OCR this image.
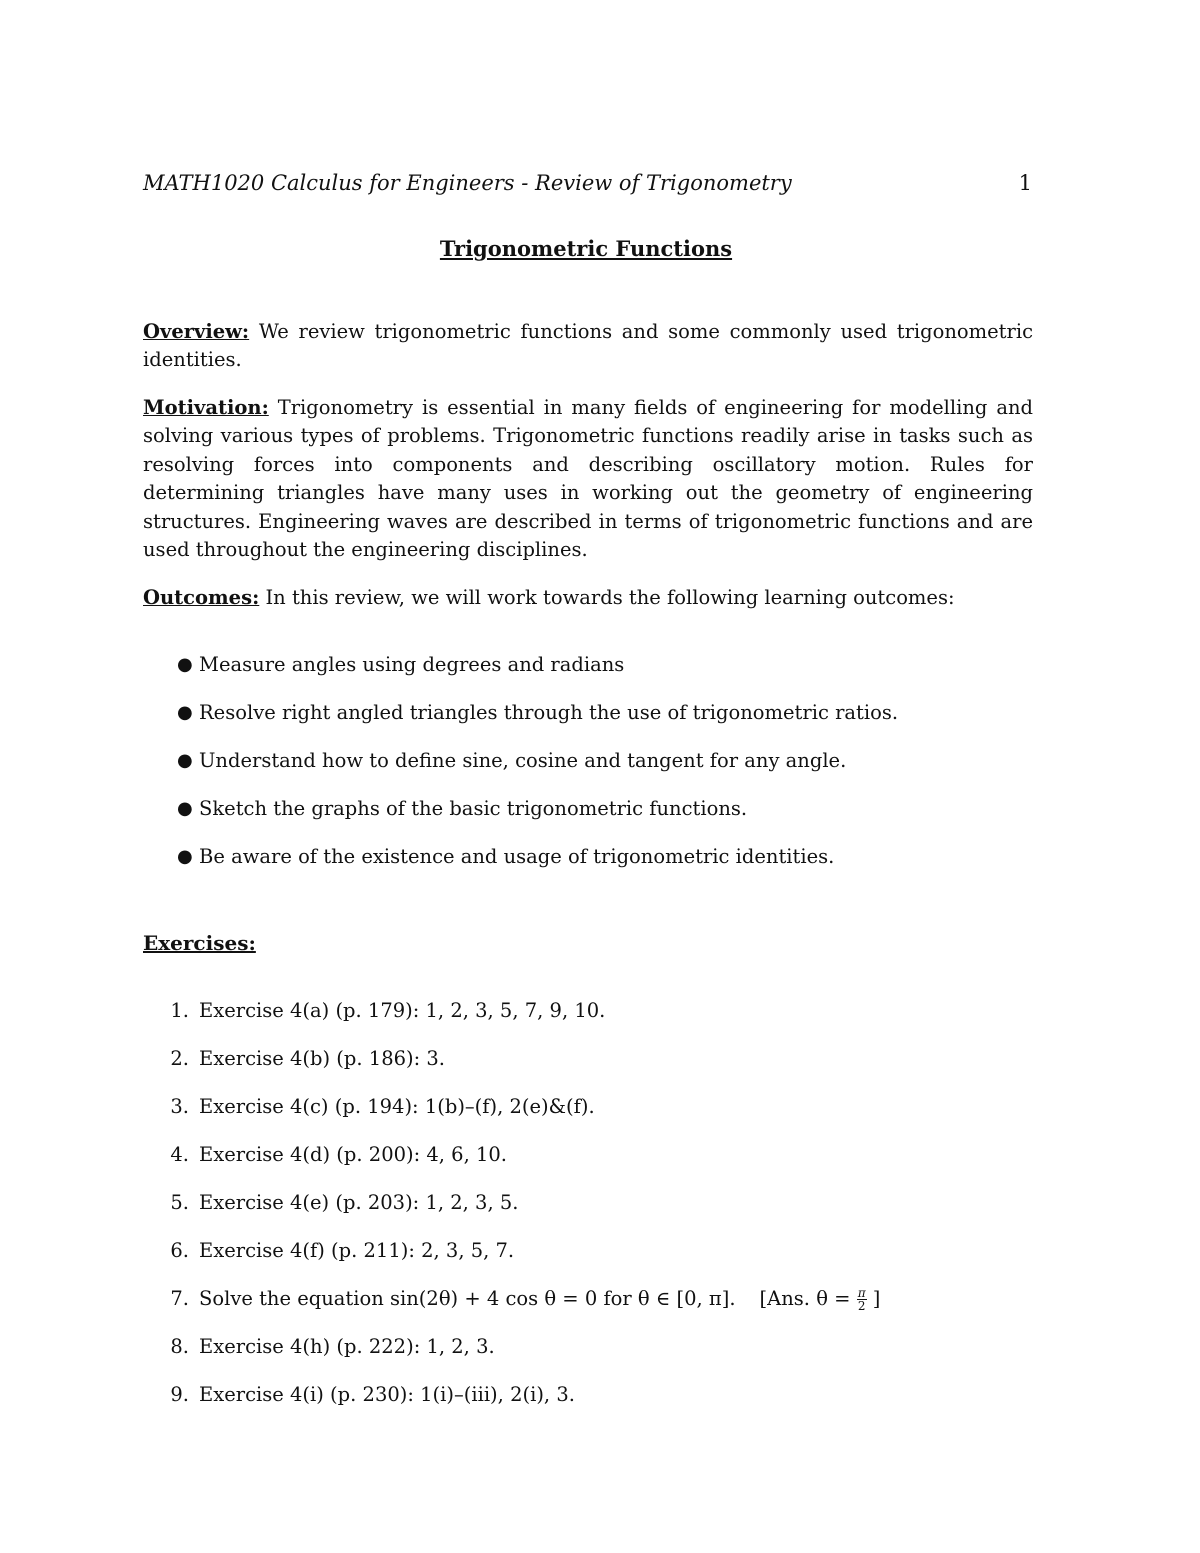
MATH1020 Calculus for Engineers - Review of Trigonometry	1
Trigonometric Functions
Overview: We review trigonometric functions and some commonly used trigonometric identities.
Motivation: Trigonometry is essential in many fields of engineering for modelling and solving various types of problems. Trigonometric functions readily arise in tasks such as resolving forces into components and describing oscillatory motion. Rules for determining triangles have many uses in working out the geometry of engineering structures. Engineering waves are described in terms of trigonometric functions and are used throughout the engineering disciplines.
Outcomes: In this review, we will work towards the following learning outcomes:
● Measure angles using degrees and radians
● Resolve right angled triangles through the use of trigonometric ratios.
● Understand how to define sine, cosine and tangent for any angle.
● Sketch the graphs of the basic trigonometric functions.
● Be aware of the existence and usage of trigonometric identities.
Exercises:
1. Exercise 4(a) (p. 179): 1, 2, 3, 5, 7, 9, 10.
2. Exercise 4(b) (p. 186): 3.
3. Exercise 4(c) (p. 194): 1(b)–(f), 2(e)&(f).
4. Exercise 4(d) (p. 200): 4, 6, 10.
5. Exercise 4(e) (p. 203): 1, 2, 3, 5.
6. Exercise 4(f) (p. 211): 2, 3, 5, 7.
7. Solve the equation sin(2θ) + 4 cos θ = 0 for θ ∈ [0, π]. [Ans. $\theta = \frac{\pi}{2}$ ]
8. Exercise 4(h) (p. 222): 1, 2, 3.
9. Exercise 4(i) (p. 230): 1(i)–(iii), 2(i), 3.
